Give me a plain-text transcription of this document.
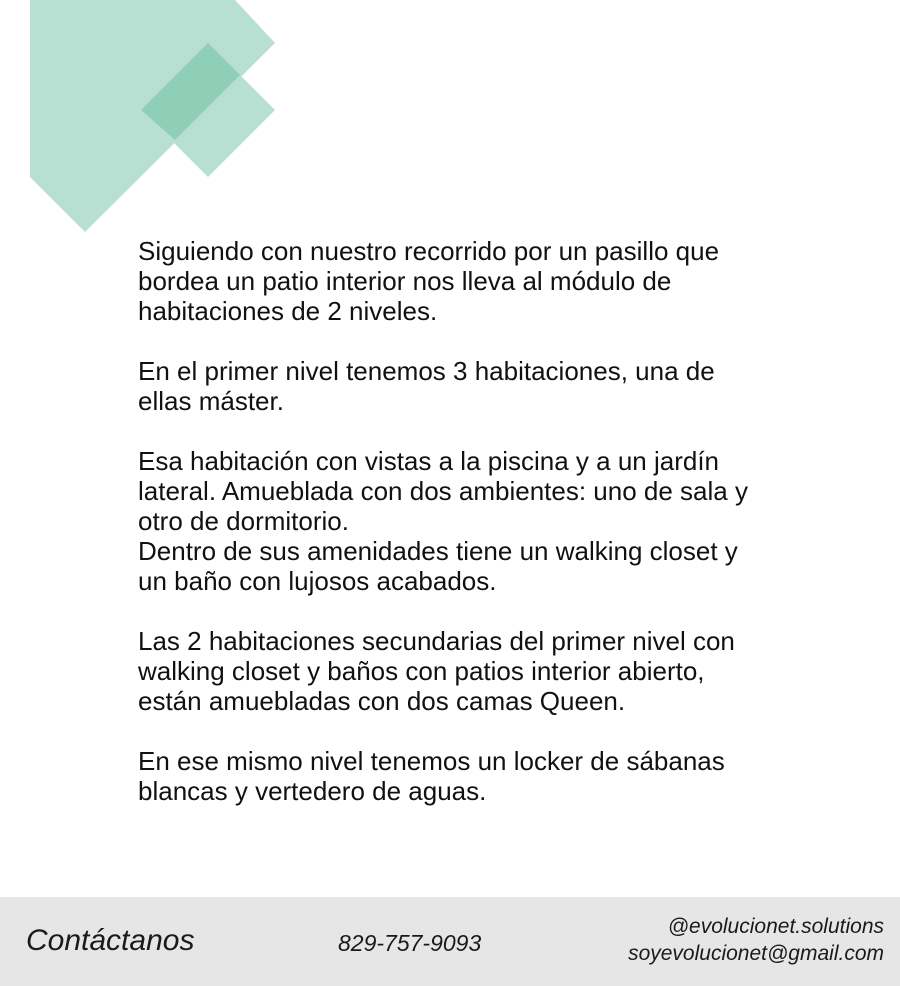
Siguiendo con nuestro recorrido por un pasillo que
bordea un patio interior nos lleva al módulo de
habitaciones de 2 niveles.

En el primer nivel tenemos 3 habitaciones, una de
ellas máster.

Esa habitación con vistas a la piscina y a un jardín
lateral. Amueblada con dos ambientes: uno de sala y
otro de dormitorio.

Dentro de sus amenidades tiene un walking closet y
un baño con lujosos acabados.

Las 2 habitaciones secundarias del primer nivel con
walking closet y baños con patios interior abierto,
están amuebladas con dos camas Queen.

En ese mismo nivel tenemos un locker de sábanas
blancas y vertedero de aguas.

Contáctanos	829-757-9093
@evolucionet.solutions
soyevolucionet@gmail.com
